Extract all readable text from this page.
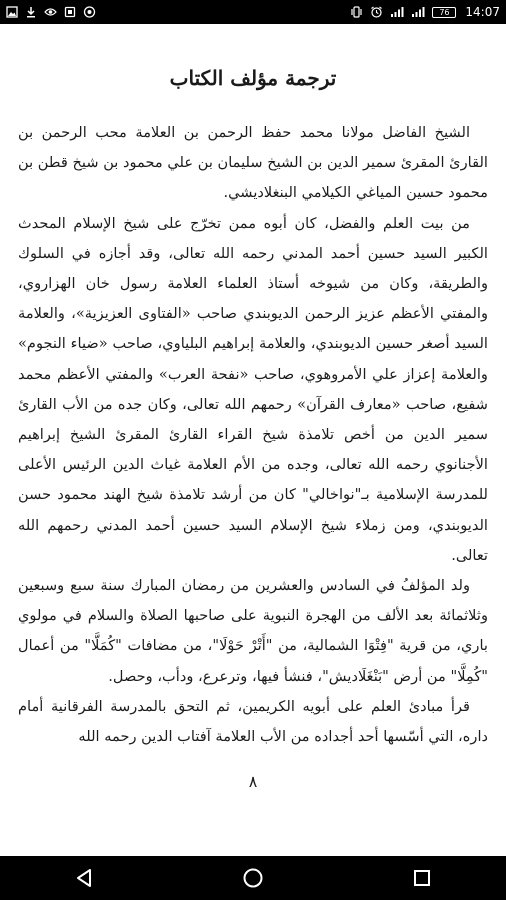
76	14:07
ترجمة مؤلف الكتاب

الشيخ الفاضل مولانا محمد حفظ الرحمن بن العلامة محب الرحمن بن القارئ المقرئ سمير الدين بن الشيخ سليمان بن علي محمود بن شيخ قطن بن محمود حسين المياغي الكيلامي البنغلاديشي.

من بيت العلم والفضل، كان أبوه ممن تخرّج على شيخ الإسلام المحدث الكبير السيد حسين أحمد المدني رحمه الله تعالى، وقد أجازه في السلوك والطريقة، وكان من شيوخه أستاذ العلماء العلامة رسول خان الهزاروي، والمفتي الأعظم عزيز الرحمن الديوبندي صاحب «الفتاوى العزيزية»، والعلامة السيد أصغر حسين الديوبندي، والعلامة إبراهيم البلياوي، صاحب «ضياء النجوم» والعلامة إعزاز علي الأمروهوي، صاحب «نفحة العرب» والمفتي الأعظم محمد شفيع، صاحب «معارف القرآن» رحمهم الله تعالى، وكان جده من الأب القارئ سمير الدين من أخص تلامذة شيخ القراء القارئ المقرئ الشيخ إبراهيم الأجنانوي رحمه الله تعالى، وجده من الأم العلامة غياث الدين الرئيس الأعلى للمدرسة الإسلامية بـ"نواخالي" كان من أرشد تلامذة شيخ الهند محمود حسن الديوبندي، ومن زملاء شيخ الإسلام السيد حسين أحمد المدني رحمهم الله تعالى.

ولد المؤلفُ في السادس والعشرين من رمضان المبارك سنة سبع وسبعين وثلاثمائة بعد الألف من الهجرة النبوية على صاحبها الصلاة والسلام في مولوي باري، من قرية "فِتْوَا الشمالية، من "أَتْرْ حَوْلَا"، من مضافات "كُمَلَّا" من أعمال "كُمِلَّا" من أرض "بَنْغَلَاديش"، فنشأ فيها، وترعرع، ودأب، وحصل.

قرأ مبادئ العلم على أبويه الكريمين، ثم التحق بالمدرسة الفرقانية أمام داره، التي أسّسها أحد أجداده من الأب العلامة آفتاب الدين رحمه الله

٨
